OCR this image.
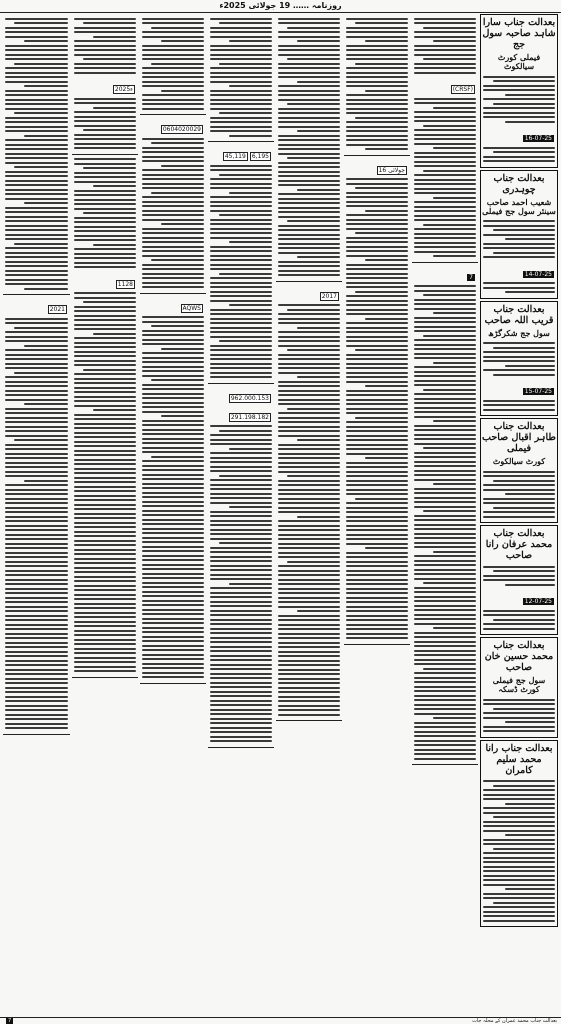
روزنامہ …… 19 جولائی 2025ء
بعدالت جناب سارا شاہد صاحبہ سول جج
فیملی کورٹ سیالکوٹ
16-07-25
بعدالت جناب چوہدری
شعیب احمد صاحب سینئر سول جج فیملی
14-07-25
بعدالت جناب قریب اللہ صاحب
سول جج شکرگڑھ
15-07-25
بعدالت جناب طاہر اقبال صاحب فیملی
کورٹ سیالکوٹ
بعدالت جناب محمد عرفان رانا صاحب
12-07-25
بعدالت جناب محمد حسین خان صاحب
سول جج فیملی کورٹ ڈسکہ
بعدالت جناب رانا محمد سلیم کامران
(CRSF)
7
16 جولائی
2017
6,19545,119
962.000.153291.198.182
0604020029
AQWS
2025ء
1128
2021
7	بعدالت جناب محمد عمران کے محلہ جات
